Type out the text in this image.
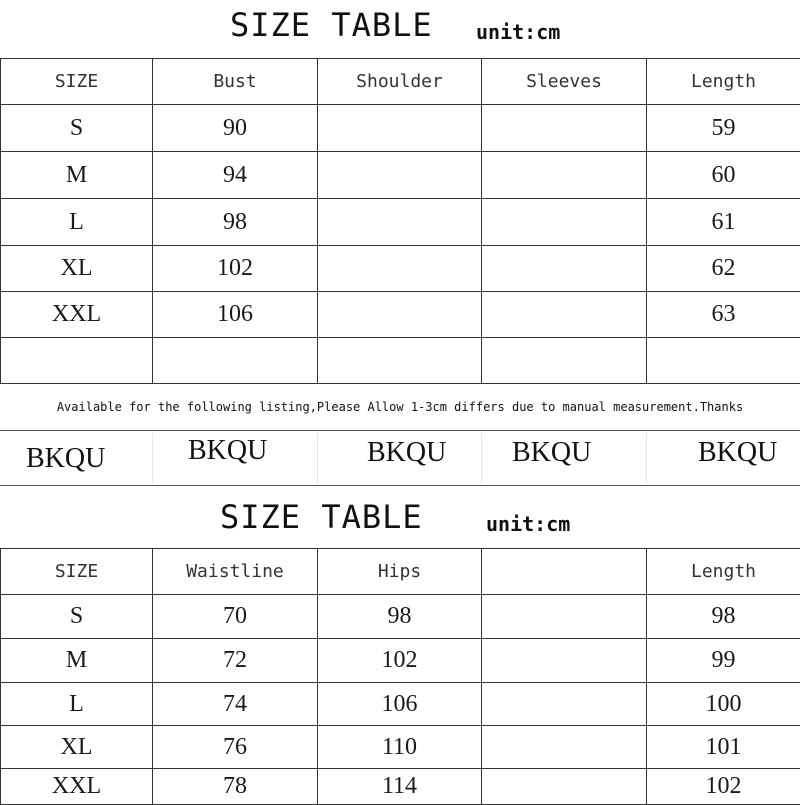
SIZE TABLE unit:cm
SIZE	Bust	Shoulder	Sleeves	Length
S	90			59
M	94			60
L	98			61
XL	102			62
XXL	106			63

Available for the following listing,Please Allow 1-3cm differs due to manual measurement.Thanks
BKQU	BKQU	BKQU BKQU	BKQU
SIZE TABLE	unit:cm
SIZE	Waistline	Hips		Length
S	70	98		98
M	72	102		99
L	74	106		100
XL	76	110		101
XXL	78	114		102
